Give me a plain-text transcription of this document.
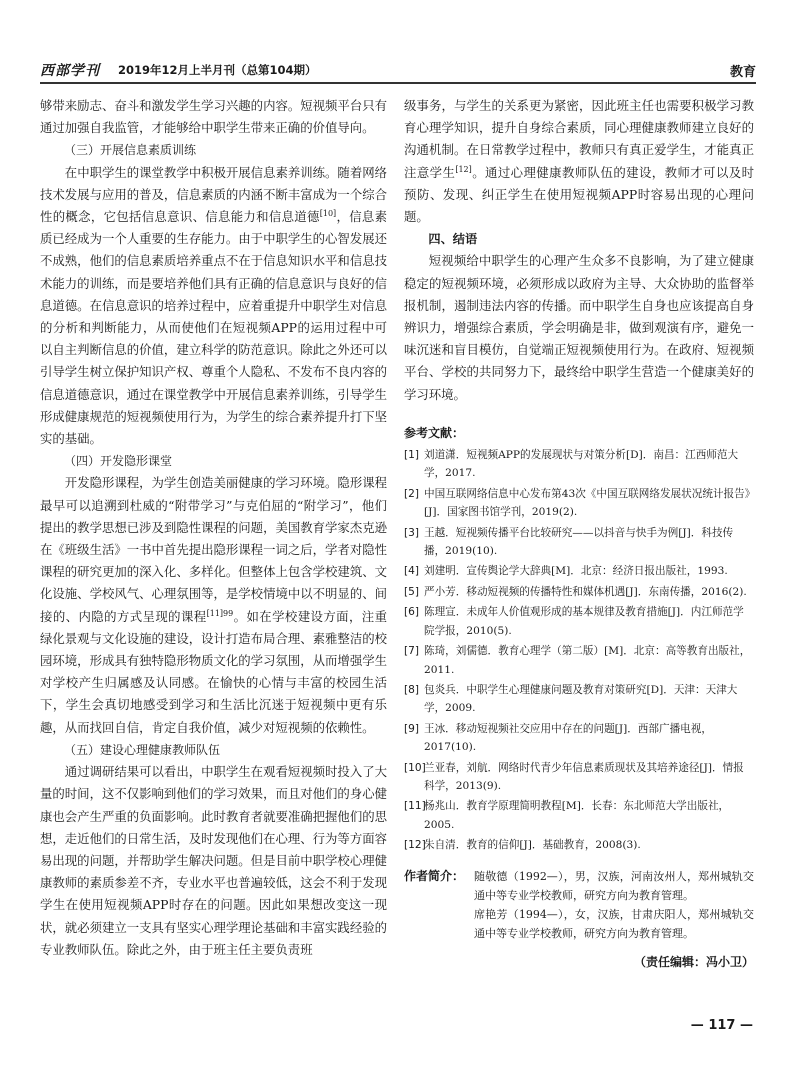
西部学刊 2019年12月上半月刊（总第104期）	教育

够带来励志、奋斗和激发学生学习兴趣的内容。短视频平台只有通过加强自我监管，才能够给中职学生带来正确的价值导向。

（三）开展信息素质训练

在中职学生的课堂教学中积极开展信息素养训练。随着网络技术发展与应用的普及，信息素质的内涵不断丰富成为一个综合性的概念，它包括信息意识、信息能力和信息道德[10]，信息素质已经成为一个人重要的生存能力。由于中职学生的心智发展还不成熟，他们的信息素质培养重点不在于信息知识水平和信息技术能力的训练，而是要培养他们具有正确的信息意识与良好的信息道德。在信息意识的培养过程中，应着重提升中职学生对信息的分析和判断能力，从而使他们在短视频APP的运用过程中可以自主判断信息的价值，建立科学的防范意识。除此之外还可以引导学生树立保护知识产权、尊重个人隐私、不发布不良内容的信息道德意识，通过在课堂教学中开展信息素养训练，引导学生形成健康规范的短视频使用行为，为学生的综合素养提升打下坚实的基础。

（四）开发隐形课堂

开发隐形课程，为学生创造美丽健康的学习环境。隐形课程最早可以追溯到杜威的“附带学习”与克伯屈的“附学习”，他们提出的教学思想已涉及到隐性课程的问题，美国教育学家杰克逊在《班级生活》一书中首先提出隐形课程一词之后，学者对隐性课程的研究更加的深入化、多样化。但整体上包含学校建筑、文化设施、学校风气、心理氛围等，是学校情境中以不明显的、间接的、内隐的方式呈现的课程$^{[11]99}$。如在学校建设方面，注重绿化景观与文化设施的建设，设计打造布局合理、素雅整洁的校园环境，形成具有独特隐形物质文化的学习氛围，从而增强学生对学校产生归属感及认同感。在愉快的心情与丰富的校园生活下，学生会真切地感受到学习和生活比沉迷于短视频中更有乐趣，从而找回自信，肯定自我价值，减少对短视频的依赖性。

（五）建设心理健康教师队伍

通过调研结果可以看出，中职学生在观看短视频时投入了大量的时间，这不仅影响到他们的学习效果，而且对他们的身心健康也会产生严重的负面影响。此时教育者就要准确把握他们的思想，走近他们的日常生活，及时发现他们在心理、行为等方面容易出现的问题，并帮助学生解决问题。但是目前中职学校心理健康教师的素质参差不齐，专业水平也普遍较低，这会不利于发现学生在使用短视频APP时存在的问题。因此如果想改变这一现状，就必须建立一支具有坚实心理学理论基础和丰富实践经验的专业教师队伍。除此之外，由于班主任主要负责班

级事务，与学生的关系更为紧密，因此班主任也需要积极学习教育心理学知识，提升自身综合素质，同心理健康教师建立良好的沟通机制。在日常教学过程中，教师只有真正爱学生，才能真正注意学生[12]。通过心理健康教师队伍的建设，教师才可以及时预防、发现、纠正学生在使用短视频APP时容易出现的心理问题。

四、结语

短视频给中职学生的心理产生众多不良影响，为了建立健康稳定的短视频环境，必须形成以政府为主导、大众协助的监督举报机制，遏制违法内容的传播。而中职学生自身也应该提高自身辨识力，增强综合素质，学会明确是非，做到观演有序，避免一味沉迷和盲目模仿，自觉端正短视频使用行为。在政府、短视频平台、学校的共同努力下，最终给中职学生营造一个健康美好的学习环境。

参考文献：
[1] 刘道潇．短视频APP的发展现状与对策分析[D]．南昌：江西师范大学，2017.
[2] 中国互联网络信息中心发布第43次《中国互联网络发展状况统计报告》[J]．国家图书馆学刊，2019(2).
[3] 王越．短视频传播平台比较研究——以抖音与快手为例[J]．科技传播，2019(10).
[4] 刘建明．宣传舆论学大辞典[M]．北京：经济日报出版社，1993.
[5] 严小芳．移动短视频的传播特性和媒体机遇[J]．东南传播，2016(2).
[6] 陈理宣．未成年人价值观形成的基本规律及教育措施[J]．内江师范学院学报，2010(5).
[7] 陈琦，刘儒德．教育心理学（第二版）[M]．北京：高等教育出版社，2011.
[8] 包炎兵．中职学生心理健康问题及教育对策研究[D]．天津：天津大学，2009.
[9] 王冰．移动短视频社交应用中存在的问题[J]．西部广播电视，2017(10).
[10]
兰亚春，刘航．网络时代青少年信息素质现状及其培养途径[J]．情报科学，2013(9).
[11]
杨兆山．教育学原理简明教程[M]．长春：东北师范大学出版社，2005.
[12]
朱自清．教育的信仰[J]．基础教育，2008(3).
作者简介： 随敬德（1992—），男，汉族，河南汝州人，郑州城轨交通中等专业学校教师，研究方向为教育管理。

席艳芳（1994—），女，汉族，甘肃庆阳人，郑州城轨交通中等专业学校教师，研究方向为教育管理。

（责任编辑：冯小卫）
— 117 —
